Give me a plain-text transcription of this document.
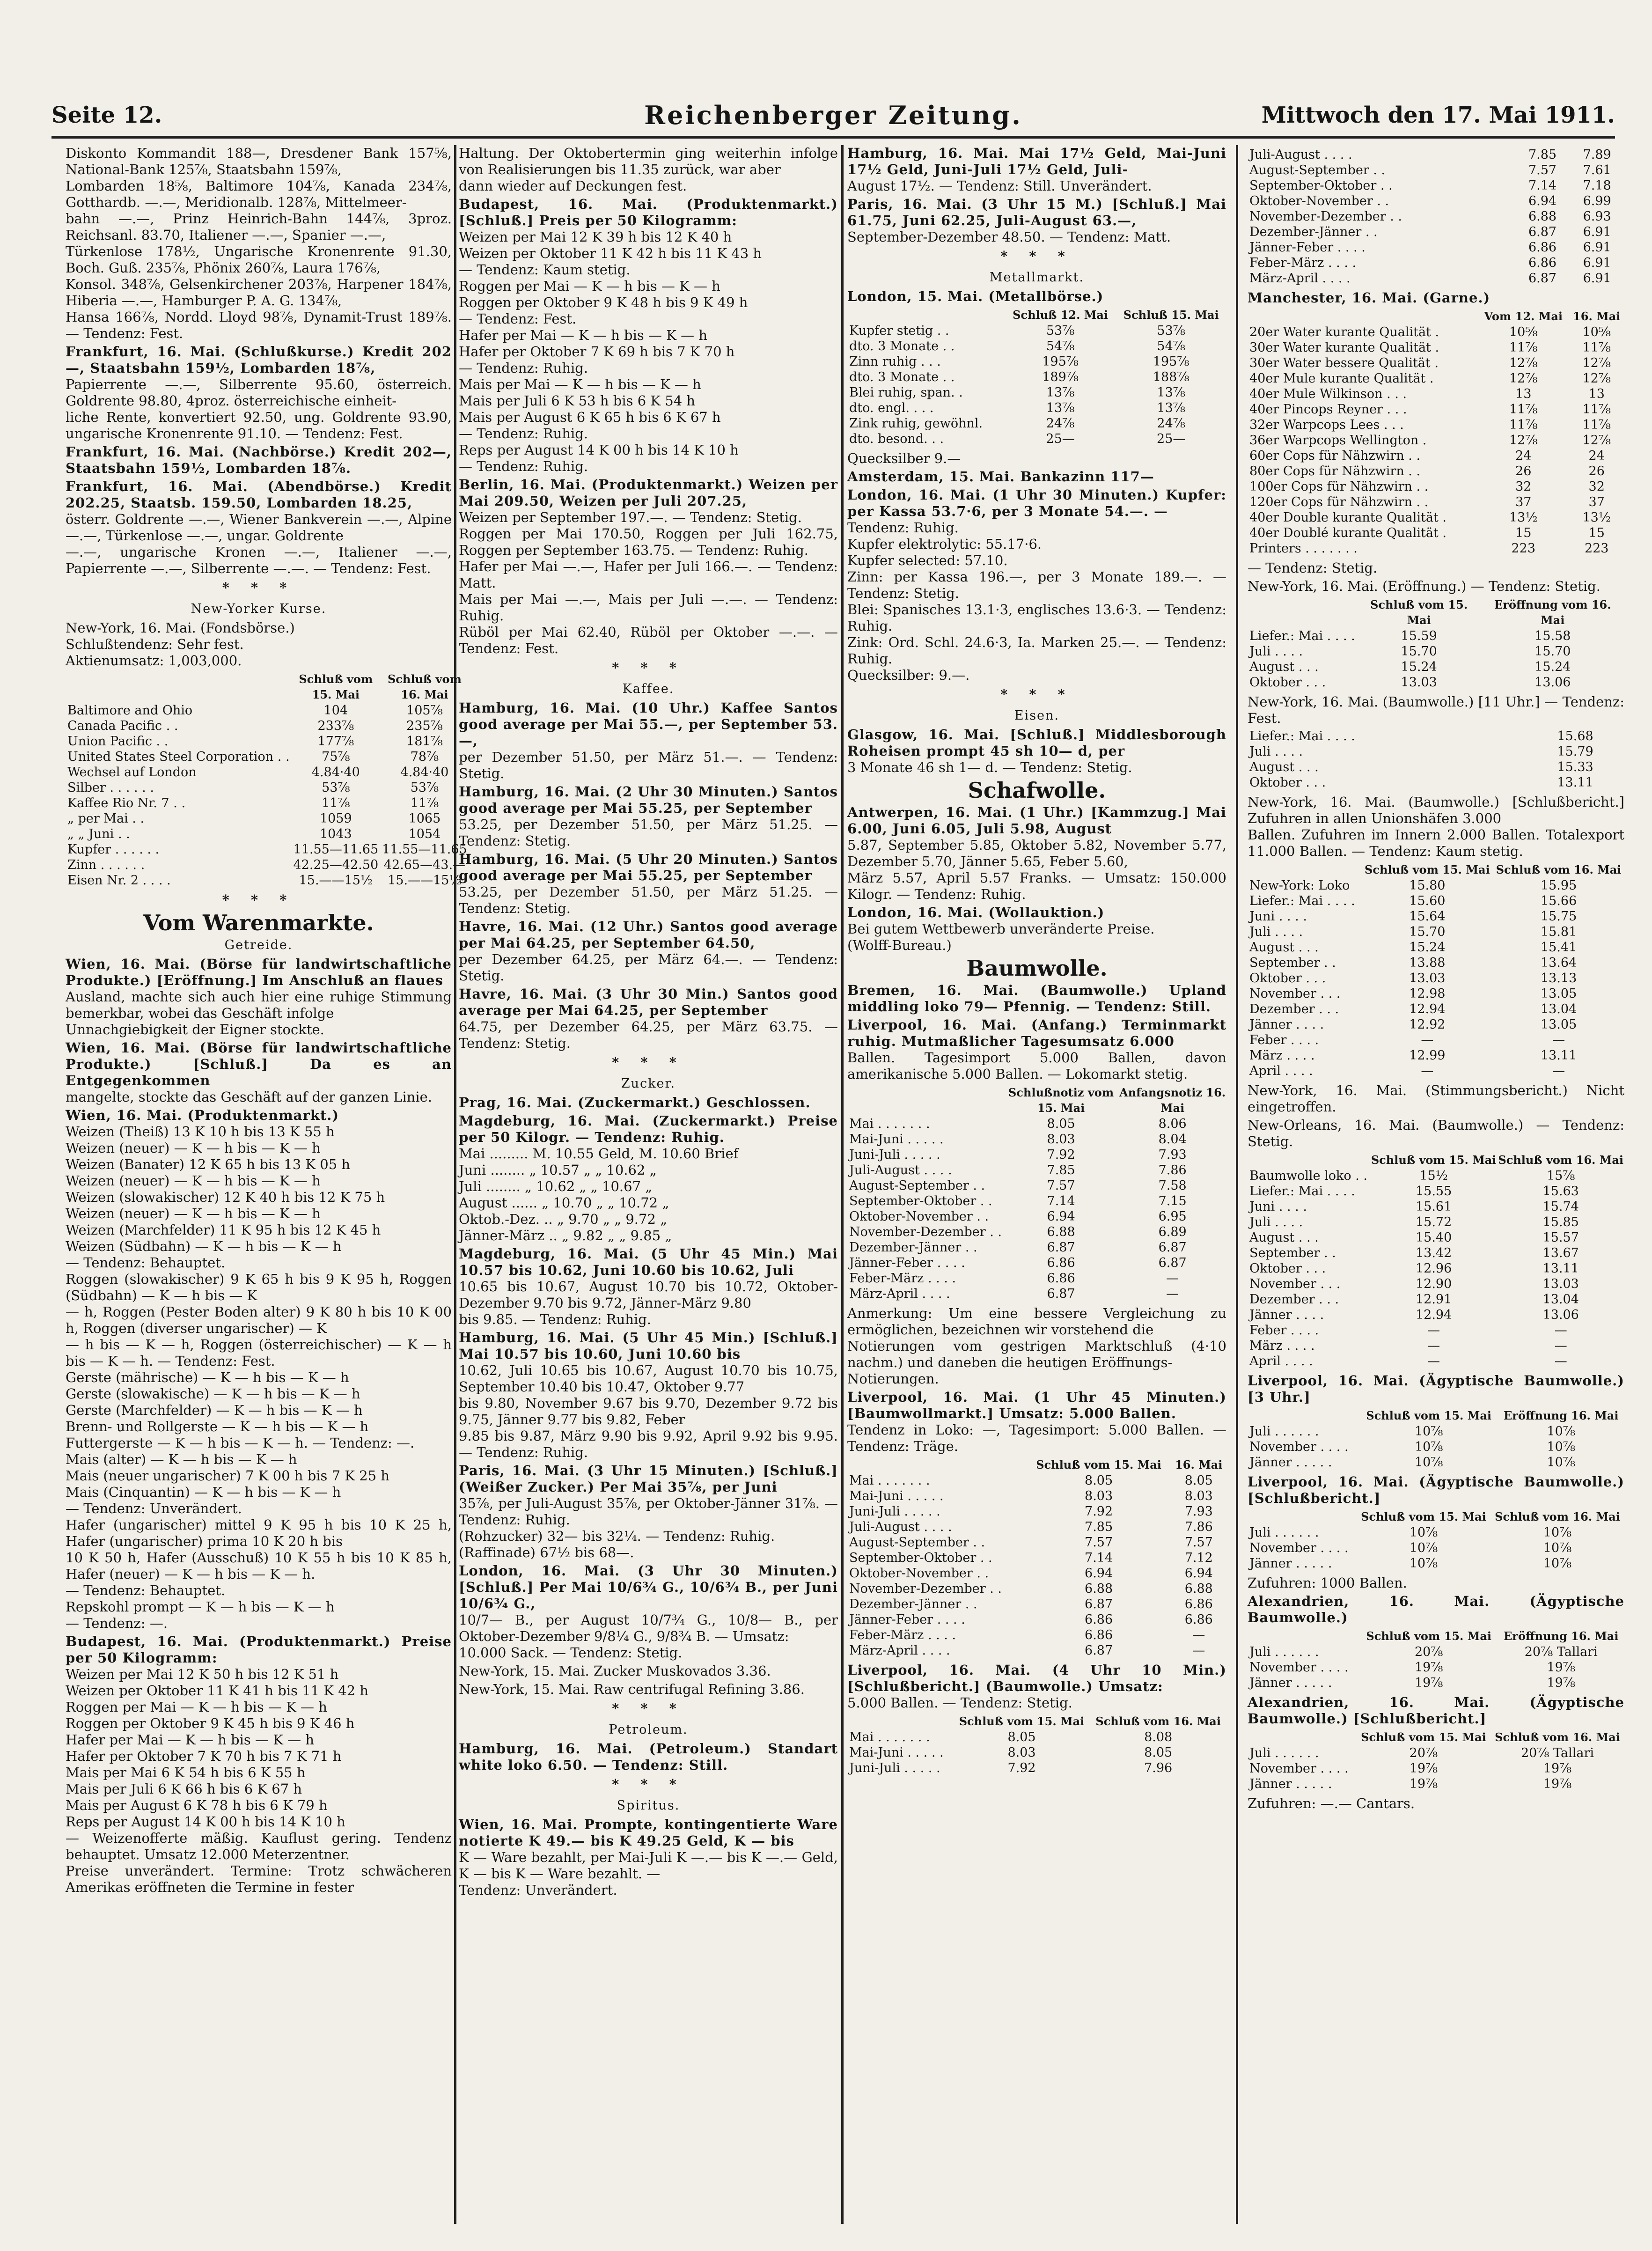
Seite 12.	Reichenberger Zeitung.	Mittwoch den 17. Mai 1911.
Diskonto Kommandit 188—, Dresdener Bank 157⅝, National-Bank 125⅞, Staatsbahn 159⅞,
Lombarden 18⅝, Baltimore 104⅞, Kanada 234⅞, Gotthardb. —.—, Meridionalb. 128⅞, Mittelmeer-
bahn —.—, Prinz Heinrich-Bahn 144⅞, 3proz. Reichsanl. 83.70, Italiener —.—, Spanier —.—,
Türkenlose 178½, Ungarische Kronenrente 91.30, Boch. Guß. 235⅞, Phönix 260⅞, Laura 176⅞,
Konsol. 348⅞, Gelsenkirchener 203⅞, Harpener 184⅞, Hiberia —.—, Hamburger P. A. G. 134⅞,
Hansa 166⅞, Nordd. Lloyd 98⅞, Dynamit-Trust 189⅞. — Tendenz: Fest.
Frankfurt, 16. Mai. (Schlußkurse.) Kredit 202—, Staatsbahn 159½, Lombarden 18⅞,
Papierrente —.—, Silberrente 95.60, österreich. Goldrente 98.80, 4proz. österreichische einheit-
liche Rente, konvertiert 92.50, ung. Goldrente 93.90, ungarische Kronenrente 91.10. — Tendenz: Fest.
Frankfurt, 16. Mai. (Nachbörse.) Kredit 202—, Staatsbahn 159½, Lombarden 18⅞.
Frankfurt, 16. Mai. (Abendbörse.) Kredit 202.25, Staatsb. 159.50, Lombarden 18.25,
österr. Goldrente —.—, Wiener Bankverein —.—, Alpine —.—, Türkenlose —.—, ungar. Goldrente
—.—, ungarische Kronen —.—, Italiener —.—, Papierrente —.—, Silberrente —.—. — Tendenz: Fest.
* * *
New-Yorker Kurse.
New-York, 16. Mai. (Fondsbörse.)
Schlußtendenz: Sehr fest.
Aktienumsatz: 1,003,000.
	Schluß vom 15. Mai	Schluß vom 16. Mai
Baltimore and Ohio	104	105⅞
Canada Pacific . .	233⅞	235⅞
Union Pacific . .	177⅞	181⅞
United States Steel Corporation . .	75⅞	78⅞
Wechsel auf London	4.84·40	4.84·40
Silber . . . . . .	53⅞	53⅞
Kaffee Rio Nr. 7 . .	11⅞	11⅞
„ per Mai . .	1059	1065
„ „ Juni . .	1043	1054
Kupfer . . . . . .	11.55—11.65	11.55—11.65
Zinn . . . . . .	42.25—42.50	42.65—43.—
Eisen Nr. 2 . . . .	15.——15½	15.——15½
* * *
Vom Warenmarkte.
Getreide.
Wien, 16. Mai. (Börse für landwirtschaftliche Produkte.) [Eröffnung.] Im Anschluß an flaues
Ausland, machte sich auch hier eine ruhige Stimmung bemerkbar, wobei das Geschäft infolge
Unnachgiebigkeit der Eigner stockte.
Wien, 16. Mai. (Börse für landwirtschaftliche Produkte.) [Schluß.] Da es an Entgegenkommen
mangelte, stockte das Geschäft auf der ganzen Linie.
Wien, 16. Mai. (Produktenmarkt.)
Weizen (Theiß) 13 K 10 h bis 13 K 55 h
Weizen (neuer) — K — h bis — K — h
Weizen (Banater) 12 K 65 h bis 13 K 05 h
Weizen (neuer) — K — h bis — K — h
Weizen (slowakischer) 12 K 40 h bis 12 K 75 h
Weizen (neuer) — K — h bis — K — h
Weizen (Marchfelder) 11 K 95 h bis 12 K 45 h
Weizen (Südbahn) — K — h bis — K — h
— Tendenz: Behauptet.
Roggen (slowakischer) 9 K 65 h bis 9 K 95 h, Roggen (Südbahn) — K — h bis — K
— h, Roggen (Pester Boden alter) 9 K 80 h bis 10 K 00 h, Roggen (diverser ungarischer) — K
— h bis — K — h, Roggen (österreichischer) — K — h bis — K — h. — Tendenz: Fest.
Gerste (mährische) — K — h bis — K — h
Gerste (slowakische) — K — h bis — K — h
Gerste (Marchfelder) — K — h bis — K — h
Brenn- und Rollgerste — K — h bis — K — h
Futtergerste — K — h bis — K — h. — Tendenz: —.
Mais (alter) — K — h bis — K — h
Mais (neuer ungarischer) 7 K 00 h bis 7 K 25 h
Mais (Cinquantin) — K — h bis — K — h
— Tendenz: Unverändert.
Hafer (ungarischer) mittel 9 K 95 h bis 10 K 25 h, Hafer (ungarischer) prima 10 K 20 h bis
10 K 50 h, Hafer (Ausschuß) 10 K 55 h bis 10 K 85 h, Hafer (neuer) — K — h bis — K — h.
— Tendenz: Behauptet.
Repskohl prompt — K — h bis — K — h
— Tendenz: —.
Budapest, 16. Mai. (Produktenmarkt.) Preise per 50 Kilogramm:
Weizen per Mai 12 K 50 h bis 12 K 51 h
Weizen per Oktober 11 K 41 h bis 11 K 42 h
Roggen per Mai — K — h bis — K — h
Roggen per Oktober 9 K 45 h bis 9 K 46 h
Hafer per Mai — K — h bis — K — h
Hafer per Oktober 7 K 70 h bis 7 K 71 h
Mais per Mai 6 K 54 h bis 6 K 55 h
Mais per Juli 6 K 66 h bis 6 K 67 h
Mais per August 6 K 78 h bis 6 K 79 h
Reps per August 14 K 00 h bis 14 K 10 h
— Weizenofferte mäßig. Kauflust gering. Tendenz behauptet. Umsatz 12.000 Meterzentner.
Preise unverändert. Termine: Trotz schwächeren Amerikas eröffneten die Termine in fester
Haltung. Der Oktobertermin ging weiterhin infolge von Realisierungen bis 11.35 zurück, war aber
dann wieder auf Deckungen fest.
Budapest, 16. Mai. (Produktenmarkt.) [Schluß.] Preis per 50 Kilogramm:
Weizen per Mai 12 K 39 h bis 12 K 40 h
Weizen per Oktober 11 K 42 h bis 11 K 43 h
— Tendenz: Kaum stetig.
Roggen per Mai — K — h bis — K — h
Roggen per Oktober 9 K 48 h bis 9 K 49 h
— Tendenz: Fest.
Hafer per Mai — K — h bis — K — h
Hafer per Oktober 7 K 69 h bis 7 K 70 h
— Tendenz: Ruhig.
Mais per Mai — K — h bis — K — h
Mais per Juli 6 K 53 h bis 6 K 54 h
Mais per August 6 K 65 h bis 6 K 67 h
— Tendenz: Ruhig.
Reps per August 14 K 00 h bis 14 K 10 h
— Tendenz: Ruhig.
Berlin, 16. Mai. (Produktenmarkt.) Weizen per Mai 209.50, Weizen per Juli 207.25,
Weizen per September 197.—. — Tendenz: Stetig.
Roggen per Mai 170.50, Roggen per Juli 162.75, Roggen per September 163.75. — Tendenz: Ruhig.
Hafer per Mai —.—, Hafer per Juli 166.—. — Tendenz: Matt.
Mais per Mai —.—, Mais per Juli —.—. — Tendenz: Ruhig.
Rüböl per Mai 62.40, Rüböl per Oktober —.—. — Tendenz: Fest.
* * *
Kaffee.
Hamburg, 16. Mai. (10 Uhr.) Kaffee Santos good average per Mai 55.—, per September 53.—,
per Dezember 51.50, per März 51.—. — Tendenz: Stetig.
Hamburg, 16. Mai. (2 Uhr 30 Minuten.) Santos good average per Mai 55.25, per September
53.25, per Dezember 51.50, per März 51.25. — Tendenz: Stetig.
Hamburg, 16. Mai. (5 Uhr 20 Minuten.) Santos good average per Mai 55.25, per September
53.25, per Dezember 51.50, per März 51.25. — Tendenz: Stetig.
Havre, 16. Mai. (12 Uhr.) Santos good average per Mai 64.25, per September 64.50,
per Dezember 64.25, per März 64.—. — Tendenz: Stetig.
Havre, 16. Mai. (3 Uhr 30 Min.) Santos good average per Mai 64.25, per September
64.75, per Dezember 64.25, per März 63.75. — Tendenz: Stetig.
* * *
Zucker.
Prag, 16. Mai. (Zuckermarkt.) Geschlossen.
Magdeburg, 16. Mai. (Zuckermarkt.) Preise per 50 Kilogr. — Tendenz: Ruhig.
Mai ......... M. 10.55 Geld, M. 10.60 Brief
Juni ........ „ 10.57 „ „ 10.62 „
Juli ........ „ 10.62 „ „ 10.67 „
August ...... „ 10.70 „ „ 10.72 „
Oktob.-Dez. .. „ 9.70 „ „ 9.72 „
Jänner-März .. „ 9.82 „ „ 9.85 „
Magdeburg, 16. Mai. (5 Uhr 45 Min.) Mai 10.57 bis 10.62, Juni 10.60 bis 10.62, Juli
10.65 bis 10.67, August 10.70 bis 10.72, Oktober-Dezember 9.70 bis 9.72, Jänner-März 9.80
bis 9.85. — Tendenz: Ruhig.
Hamburg, 16. Mai. (5 Uhr 45 Min.) [Schluß.] Mai 10.57 bis 10.60, Juni 10.60 bis
10.62, Juli 10.65 bis 10.67, August 10.70 bis 10.75, September 10.40 bis 10.47, Oktober 9.77
bis 9.80, November 9.67 bis 9.70, Dezember 9.72 bis 9.75, Jänner 9.77 bis 9.82, Feber
9.85 bis 9.87, März 9.90 bis 9.92, April 9.92 bis 9.95. — Tendenz: Ruhig.
Paris, 16. Mai. (3 Uhr 15 Minuten.) [Schluß.] (Weißer Zucker.) Per Mai 35⅞, per Juni
35⅞, per Juli-August 35⅞, per Oktober-Jänner 31⅞. — Tendenz: Ruhig.
(Rohzucker) 32— bis 32¼. — Tendenz: Ruhig.
(Raffinade) 67½ bis 68—.
London, 16. Mai. (3 Uhr 30 Minuten.) [Schluß.] Per Mai 10/6¾ G., 10/6¾ B., per Juni 10/6¾ G.,
10/7— B., per August 10/7¾ G., 10/8— B., per Oktober-Dezember 9/8¼ G., 9/8¾ B. — Umsatz:
10.000 Sack. — Tendenz: Stetig.
New-York, 15. Mai. Zucker Muskovados 3.36.
New-York, 15. Mai. Raw centrifugal Refining 3.86.
* * *
Petroleum.
Hamburg, 16. Mai. (Petroleum.) Standart white loko 6.50. — Tendenz: Still.
* * *
Spiritus.
Wien, 16. Mai. Prompte, kontingentierte Ware notierte K 49.— bis K 49.25 Geld, K — bis
K — Ware bezahlt, per Mai-Juli K —.— bis K —.— Geld, K — bis K — Ware bezahlt. —
Tendenz: Unverändert.
Hamburg, 16. Mai. Mai 17½ Geld, Mai-Juni 17½ Geld, Juni-Juli 17½ Geld, Juli-
August 17½. — Tendenz: Still. Unverändert.
Paris, 16. Mai. (3 Uhr 15 M.) [Schluß.] Mai 61.75, Juni 62.25, Juli-August 63.—,
September-Dezember 48.50. — Tendenz: Matt.
* * *
Metallmarkt.
London, 15. Mai. (Metallbörse.)
	Schluß 12. Mai	Schluß 15. Mai
Kupfer stetig . .	53⅞	53⅞
dto. 3 Monate . .	54⅞	54⅞
Zinn ruhig . . .	195⅞	195⅞
dto. 3 Monate . .	189⅞	188⅞
Blei ruhig, span. .	13⅞	13⅞
dto. engl. . . .	13⅞	13⅞
Zink ruhig, gewöhnl.	24⅞	24⅞
dto. besond. . .	25—	25—
Quecksilber 9.—
Amsterdam, 15. Mai. Bankazinn 117—
London, 16. Mai. (1 Uhr 30 Minuten.) Kupfer: per Kassa 53.7·6, per 3 Monate 54.—. —
Tendenz: Ruhig.
Kupfer elektrolytic: 55.17·6.
Kupfer selected: 57.10.
Zinn: per Kassa 196.—, per 3 Monate 189.—. — Tendenz: Stetig.
Blei: Spanisches 13.1·3, englisches 13.6·3. — Tendenz: Ruhig.
Zink: Ord. Schl. 24.6·3, Ia. Marken 25.—. — Tendenz: Ruhig.
Quecksilber: 9.—.
* * *
Eisen.
Glasgow, 16. Mai. [Schluß.] Middlesborough Roheisen prompt 45 sh 10— d, per
3 Monate 46 sh 1— d. — Tendenz: Stetig.
Schafwolle.
Antwerpen, 16. Mai. (1 Uhr.) [Kammzug.] Mai 6.00, Juni 6.05, Juli 5.98, August
5.87, September 5.85, Oktober 5.82, November 5.77, Dezember 5.70, Jänner 5.65, Feber 5.60,
März 5.57, April 5.57 Franks. — Umsatz: 150.000 Kilogr. — Tendenz: Ruhig.
London, 16. Mai. (Wollauktion.)
Bei gutem Wettbewerb unveränderte Preise.
(Wolff-Bureau.)
Baumwolle.
Bremen, 16. Mai. (Baumwolle.) Upland middling loko 79— Pfennig. — Tendenz: Still.
Liverpool, 16. Mai. (Anfang.) Terminmarkt ruhig. Mutmaßlicher Tagesumsatz 6.000
Ballen. Tagesimport 5.000 Ballen, davon amerikanische 5.000 Ballen. — Lokomarkt stetig.
	Schlußnotiz vom 15. Mai	Anfangsnotiz 16. Mai
Mai . . . . . . .	8.05	8.06
Mai-Juni . . . . .	8.03	8.04
Juni-Juli . . . . .	7.92	7.93
Juli-August . . . .	7.85	7.86
August-September . .	7.57	7.58
September-Oktober . .	7.14	7.15
Oktober-November . .	6.94	6.95
November-Dezember . .	6.88	6.89
Dezember-Jänner . .	6.87	6.87
Jänner-Feber . . . .	6.86	6.87
Feber-März . . . .	6.86	—
März-April . . . .	6.87	—
Anmerkung: Um eine bessere Vergleichung zu ermöglichen, bezeichnen wir vorstehend die
Notierungen vom gestrigen Marktschluß (4·10 nachm.) und daneben die heutigen Eröffnungs-
Notierungen.
Liverpool, 16. Mai. (1 Uhr 45 Minuten.) [Baumwollmarkt.] Umsatz: 5.000 Ballen.
Tendenz in Loko: —, Tagesimport: 5.000 Ballen. — Tendenz: Träge.
	Schluß vom 15. Mai	16. Mai
Mai . . . . . . .	8.05	8.05
Mai-Juni . . . . .	8.03	8.03
Juni-Juli . . . . .	7.92	7.93
Juli-August . . . .	7.85	7.86
August-September . .	7.57	7.57
September-Oktober . .	7.14	7.12
Oktober-November . .	6.94	6.94
November-Dezember . .	6.88	6.88
Dezember-Jänner . .	6.87	6.86
Jänner-Feber . . . .	6.86	6.86
Feber-März . . . .	6.86	—
März-April . . . .	6.87	—
Liverpool, 16. Mai. (4 Uhr 10 Min.) [Schlußbericht.] (Baumwolle.) Umsatz:
5.000 Ballen. — Tendenz: Stetig.
	Schluß vom 15. Mai	Schluß vom 16. Mai
Mai . . . . . . .	8.05	8.08
Mai-Juni . . . . .	8.03	8.05
Juni-Juli . . . . .	7.92	7.96
Juli-August . . . .	7.85	7.89
August-September . .	7.57	7.61
September-Oktober . .	7.14	7.18
Oktober-November . .	6.94	6.99
November-Dezember . .	6.88	6.93
Dezember-Jänner . .	6.87	6.91
Jänner-Feber . . . .	6.86	6.91
Feber-März . . . .	6.86	6.91
März-April . . . .	6.87	6.91
Manchester, 16. Mai. (Garne.)
	Vom 12. Mai	16. Mai
20er Water kurante Qualität .	10⅝	10⅝
30er Water kurante Qualität .	11⅞	11⅞
30er Water bessere Qualität .	12⅞	12⅞
40er Mule kurante Qualität .	12⅞	12⅞
40er Mule Wilkinson . . .	13	13
40er Pincops Reyner . . .	11⅞	11⅞
32er Warpcops Lees . . .	11⅞	11⅞
36er Warpcops Wellington .	12⅞	12⅞
60er Cops für Nähzwirn . .	24	24
80er Cops für Nähzwirn . .	26	26
100er Cops für Nähzwirn . .	32	32
120er Cops für Nähzwirn . .	37	37
40er Double kurante Qualität .	13½	13½
40er Doublé kurante Qualität .	15	15
Printers . . . . . . .	223	223
— Tendenz: Stetig.
New-York, 16. Mai. (Eröffnung.) — Tendenz: Stetig.
	Schluß vom 15. Mai	Eröffnung vom 16. Mai
Liefer.: Mai . . . .	15.59	15.58
Juli . . . .	15.70	15.70
August . . .	15.24	15.24
Oktober . . .	13.03	13.06
New-York, 16. Mai. (Baumwolle.) [11 Uhr.] — Tendenz: Fest.
Liefer.: Mai . . . .		15.68
Juli . . . .		15.79
August . . .		15.33
Oktober . . .		13.11
New-York, 16. Mai. (Baumwolle.) [Schlußbericht.] Zufuhren in allen Unionshäfen 3.000
Ballen. Zufuhren im Innern 2.000 Ballen. Totalexport 11.000 Ballen. — Tendenz: Kaum stetig.
	Schluß vom 15. Mai	Schluß vom 16. Mai
New-York: Loko	15.80	15.95
Liefer.: Mai . . . .	15.60	15.66
Juni . . . .	15.64	15.75
Juli . . . .	15.70	15.81
August . . .	15.24	15.41
September . .	13.88	13.64
Oktober . . .	13.03	13.13
November . . .	12.98	13.05
Dezember . . .	12.94	13.04
Jänner . . . .	12.92	13.05
Feber . . . .	—	—
März . . . .	12.99	13.11
April . . . .	—	—
New-York, 16. Mai. (Stimmungsbericht.) Nicht eingetroffen.
New-Orleans, 16. Mai. (Baumwolle.) — Tendenz: Stetig.
	Schluß vom 15. Mai	Schluß vom 16. Mai
Baumwolle loko . .	15½	15⅞
Liefer.: Mai . . . .	15.55	15.63
Juni . . . .	15.61	15.74
Juli . . . .	15.72	15.85
August . . .	15.40	15.57
September . .	13.42	13.67
Oktober . . .	12.96	13.11
November . . .	12.90	13.03
Dezember . . .	12.91	13.04
Jänner . . . .	12.94	13.06
Feber . . . .	—	—
März . . . .	—	—
April . . . .	—	—
Liverpool, 16. Mai. (Ägyptische Baumwolle.) [3 Uhr.]
	Schluß vom 15. Mai	Eröffnung 16. Mai
Juli . . . . . .	10⅞	10⅞
November . . . .	10⅞	10⅞
Jänner . . . . .	10⅞	10⅞
Liverpool, 16. Mai. (Ägyptische Baumwolle.) [Schlußbericht.]
	Schluß vom 15. Mai	Schluß vom 16. Mai
Juli . . . . . .	10⅞	10⅞
November . . . .	10⅞	10⅞
Jänner . . . . .	10⅞	10⅞
Zufuhren: 1000 Ballen.
Alexandrien, 16. Mai. (Ägyptische Baumwolle.)
	Schluß vom 15. Mai	Eröffnung 16. Mai
Juli . . . . . .	20⅞	20⅞ Tallari
November . . . .	19⅞	19⅞
Jänner . . . . .	19⅞	19⅞
Alexandrien, 16. Mai. (Ägyptische Baumwolle.) [Schlußbericht.]
	Schluß vom 15. Mai	Schluß vom 16. Mai
Juli . . . . . .	20⅞	20⅞ Tallari
November . . . .	19⅞	19⅞
Jänner . . . . .	19⅞	19⅞
Zufuhren: —.— Cantars.
